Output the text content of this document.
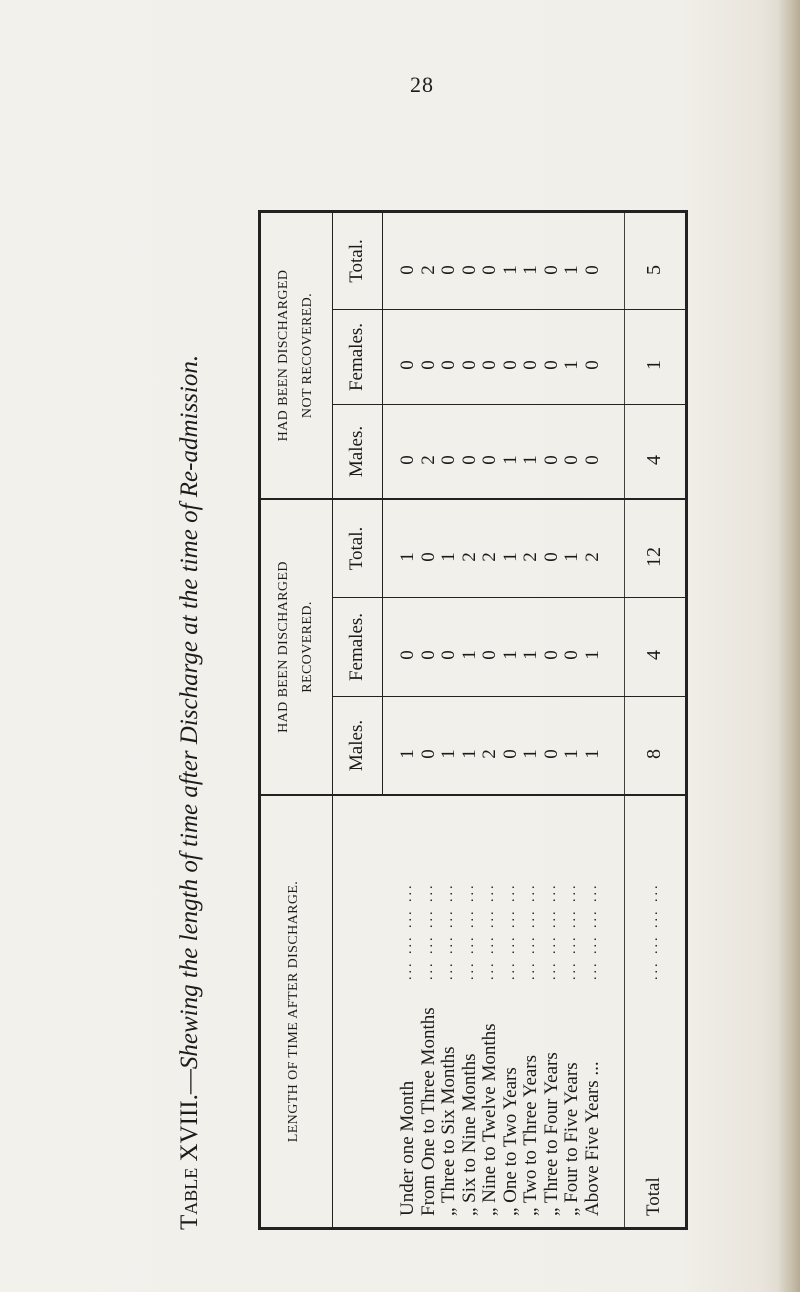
28
Table XVIII.—Shewing the length of time after Discharge at the time of Re-admission.	LENGTH OF TIME AFTER DISCHARGE.
HAD BEEN DISCHARGED RECOVERED.
HAD BEEN DISCHARGED NOT RECOVERED.
Males.
Females.
Total.
Males.
Females.
Total.
Under one Month
... ... ... ...
1
0
1
0
0
0
From One to Three Months
... ... ... ...
0
0
0
2
0
2
„ Three to Six Months
... ... ... ...
1
0
1
0
0
0
„ Six to Nine Months
... ... ... ...
1
1
2
0
0
0
„ Nine to Twelve Months
... ... ... ...
2
0
2
0
0
0
„ One to Two Years
... ... ... ...
0
1
1
1
0
1
„ Two to Three Years
... ... ... ...
1
1
2
1
0
1
„ Three to Four Years
... ... ... ...
0
0
0
0
0
0
„ Four to Five Years
... ... ... ...
1
0
1
0
1
1
Above Five Years ...
... ... ... ...
1
1
2
0
0
0
Total
... ... ... ...
8
4
12
4
1
5
